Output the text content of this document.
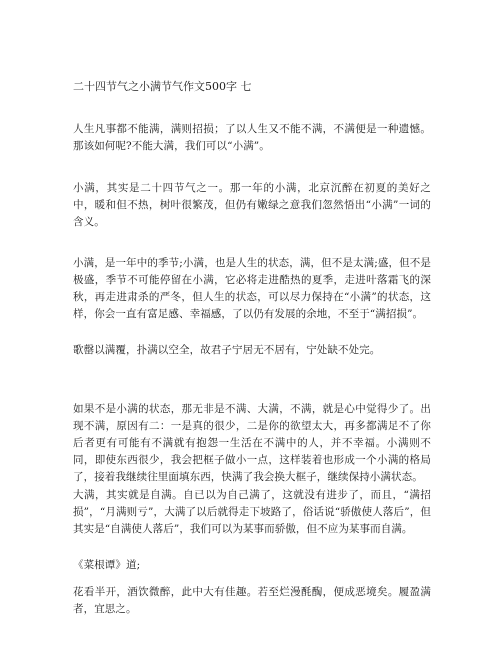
二十四节气之小满节气作文500字 七

人生凡事都不能满，满则招损；了以人生又不能不满，不满便是一种遗憾。那该如何呢?不能大满，我们可以“小满”。

小满，其实是二十四节气之一。那一年的小满，北京沉醉在初夏的美好之中，暖和但不热，树叶很繁茂，但仍有嫩绿之意我们忽然悟出“小满”一词的含义。

小满，是一年中的季节;小满，也是人生的状态，满，但不是太满;盛，但不是极盛，季节不可能停留在小满，它必将走进酷热的夏季，走进叶落霜飞的深秋，再走进肃杀的严冬，但人生的状态，可以尽力保持在“小满”的状态，这样，你会一直有富足感、幸福感，了以仍有发展的余地，不至于“满招损”。

歌罄以满覆，扑满以空全，故君子宁居无不居有，宁处缺不处完。

如果不是小满的状态，那无非是不满、大满，不满，就是心中觉得少了。出现不满，原因有二：一是真的很少，二是你的欲望太大，再多都满足不了你后者更有可能有不满就有抱怨一生活在不满中的人，并不幸福。小满则不同，即使东西很少，我会把框子做小一点，这样装着也形成一个小满的格局了，接着我继续往里面填东西，快满了我会换大框子，继续保持小满状态。

大满，其实就是自满。自已以为自己满了，这就没有进步了，而且，“满招损”，“月满则亏”，大满了以后就得走下坡路了，俗话说“骄傲使人落后”，但其实是“自满使人落后”，我们可以为某事而骄傲，但不应为某事而自满。

《菜根谭》道;

花看半开，酒饮微醉，此中大有佳趣。若至烂漫酕醄，便成恶境矣。履盈满者，宜思之。
